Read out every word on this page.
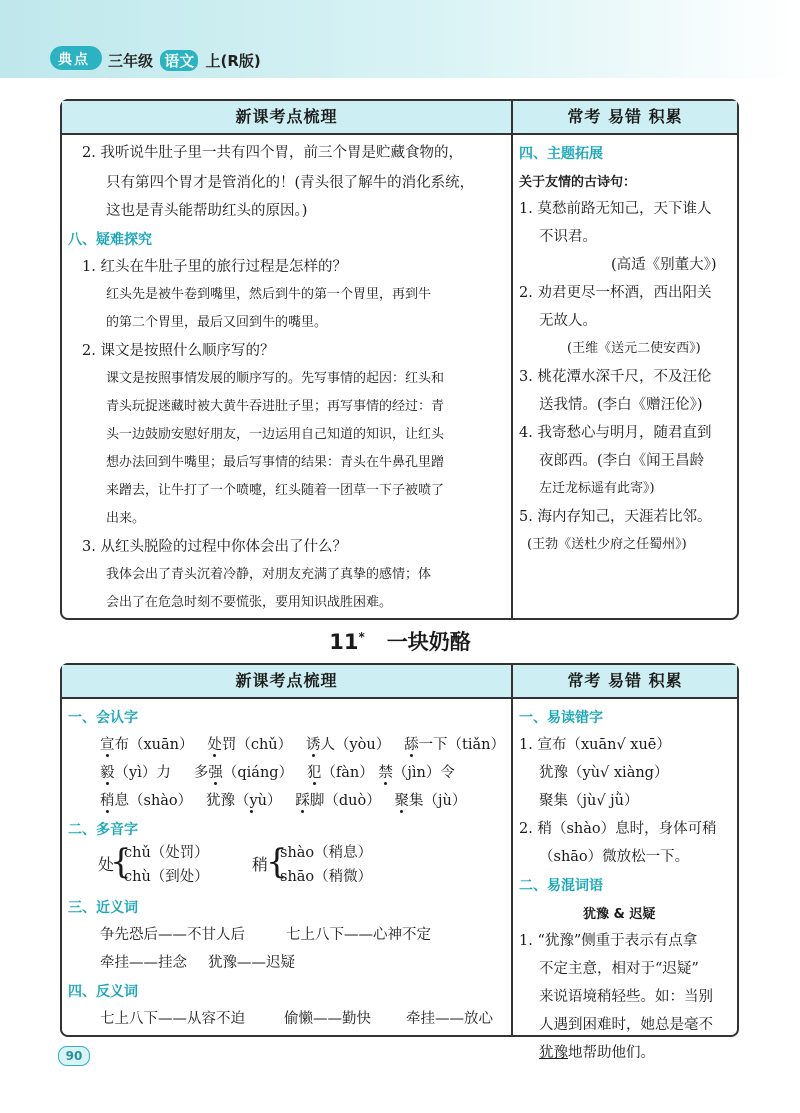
典点 三年级 语文 上(R版)
新课考点梳理	常考 易错 积累
2. 我听说牛肚子里一共有四个胃，前三个胃是贮藏食物的，
只有第四个胃才是管消化的！(青头很了解牛的消化系统，
这也是青头能帮助红头的原因。)
八、疑难探究
1. 红头在牛肚子里的旅行过程是怎样的？
红头先是被牛卷到嘴里，然后到牛的第一个胃里，再到牛
的第二个胃里，最后又回到牛的嘴里。
2. 课文是按照什么顺序写的？
课文是按照事情发展的顺序写的。先写事情的起因：红头和
青头玩捉迷藏时被大黄牛吞进肚子里；再写事情的经过：青
头一边鼓励安慰好朋友，一边运用自己知道的知识，让红头
想办法回到牛嘴里；最后写事情的结果：青头在牛鼻孔里蹭
来蹭去，让牛打了一个喷嚏，红头随着一团草一下子被喷了
出来。
3. 从红头脱险的过程中你体会出了什么？
我体会出了青头沉着冷静，对朋友充满了真挚的感情；体
会出了在危急时刻不要慌张，要用知识战胜困难。
四、主题拓展
关于友情的古诗句：
1. 莫愁前路无知己，天下谁人
不识君。
(高适《别董大》)
2. 劝君更尽一杯酒，西出阳关
无故人。
(王维《送元二使安西》)
3. 桃花潭水深千尺，不及汪伦
送我情。(李白《赠汪伦》)
4. 我寄愁心与明月，随君直到
夜郎西。(李白《闻王昌龄
左迁龙标遥有此寄》)
5. 海内存知己，天涯若比邻。
(王勃《送杜少府之任蜀州》)
11* 一块奶酪
新课考点梳理	常考 易错 积累
一、会认字
宣布（xuān） 处罚（chǔ） 诱人（yòu） 舔一下（tiǎn）
毅（yì）力 多强（qiáng） 犯（fàn） 禁（jìn）令
稍息（shào） 犹豫（yù） 踩脚（duò） 聚集（jù）
二、多音字
处
{
chǔ（处罚）
chù（到处）
稍
{
shào（稍息）
shāo（稍微）
三、近义词
争先恐后——不甘人后	七上八下——心神不定
牵挂——挂念 犹豫——迟疑
四、反义词
七上八下——从容不迫	偷懒——勤快 牵挂——放心
一、易读错字
1. 宣布（xuān√ xuē）
犹豫（yù√ xiàng）
聚集（jù√ jǜ）
2. 稍（shào）息时，身体可稍
（shāo）微放松一下。
二、易混词语
犹豫 & 迟疑
1. “犹豫”侧重于表示有点拿
不定主意，相对于“迟疑”
来说语境稍轻些。如：当别
人遇到困难时，她总是毫不
犹豫地帮助他们。
90
